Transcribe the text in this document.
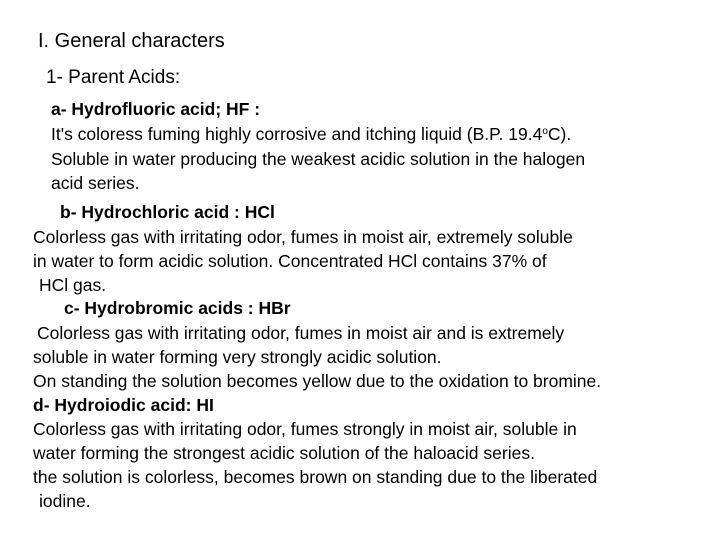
I. General characters
1- Parent Acids:
a- Hydrofluoric acid; HF :
It's coloress fuming highly corrosive and itching liquid (B.P. 19.4$^o$C).
Soluble in water producing the weakest acidic solution in the halogen
acid series.
b- Hydrochloric acid : HCl
Colorless gas with irritating odor, fumes in moist air, extremely soluble
in water to form acidic solution. Concentrated HCl contains 37% of
HCl gas.
c- Hydrobromic acids : HBr
Colorless gas with irritating odor, fumes in moist air and is extremely
soluble in water forming very strongly acidic solution.
On standing the solution becomes yellow due to the oxidation to bromine.
d- Hydroiodic acid: HI
Colorless gas with irritating odor, fumes strongly in moist air, soluble in
water forming the strongest acidic solution of the haloacid series.
the solution is colorless, becomes brown on standing due to the liberated
iodine.
